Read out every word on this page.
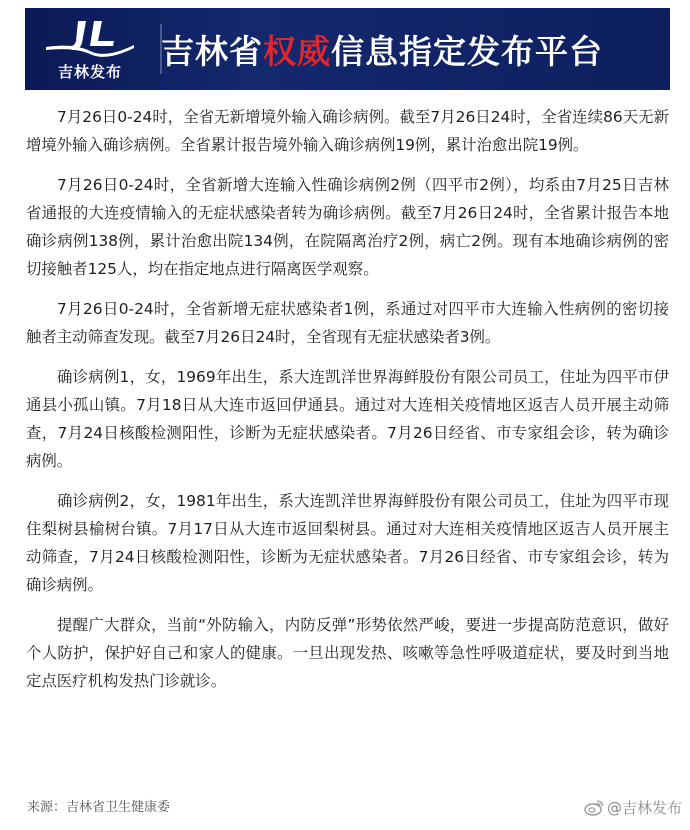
吉林发布
吉林省权威信息指定发布平台

7月26日0-24时，全省无新增境外输入确诊病例。截至7月26日24时，全省连续86天无新增境外输入确诊病例。全省累计报告境外输入确诊病例19例，累计治愈出院19例。

7月26日0-24时，全省新增大连输入性确诊病例2例（四平市2例），均系由7月25日吉林省通报的大连疫情输入的无症状感染者转为确诊病例。截至7月26日24时，全省累计报告本地确诊病例138例，累计治愈出院134例，在院隔离治疗2例，病亡2例。现有本地确诊病例的密切接触者125人，均在指定地点进行隔离医学观察。

7月26日0-24时，全省新增无症状感染者1例，系通过对四平市大连输入性病例的密切接触者主动筛查发现。截至7月26日24时，全省现有无症状感染者3例。

确诊病例1，女，1969年出生，系大连凯洋世界海鲜股份有限公司员工，住址为四平市伊通县小孤山镇。7月18日从大连市返回伊通县。通过对大连相关疫情地区返吉人员开展主动筛查，7月24日核酸检测阳性，诊断为无症状感染者。7月26日经省、市专家组会诊，转为确诊病例。

确诊病例2，女，1981年出生，系大连凯洋世界海鲜股份有限公司员工，住址为四平市现住梨树县榆树台镇。7月17日从大连市返回梨树县。通过对大连相关疫情地区返吉人员开展主动筛查，7月24日核酸检测阳性，诊断为无症状感染者。7月26日经省、市专家组会诊，转为确诊病例。

提醒广大群众，当前“外防输入，内防反弹”形势依然严峻，要进一步提高防范意识，做好个人防护，保护好自己和家人的健康。一旦出现发热、咳嗽等急性呼吸道症状，要及时到当地定点医疗机构发热门诊就诊。

来源：吉林省卫生健康委	@吉林发布
